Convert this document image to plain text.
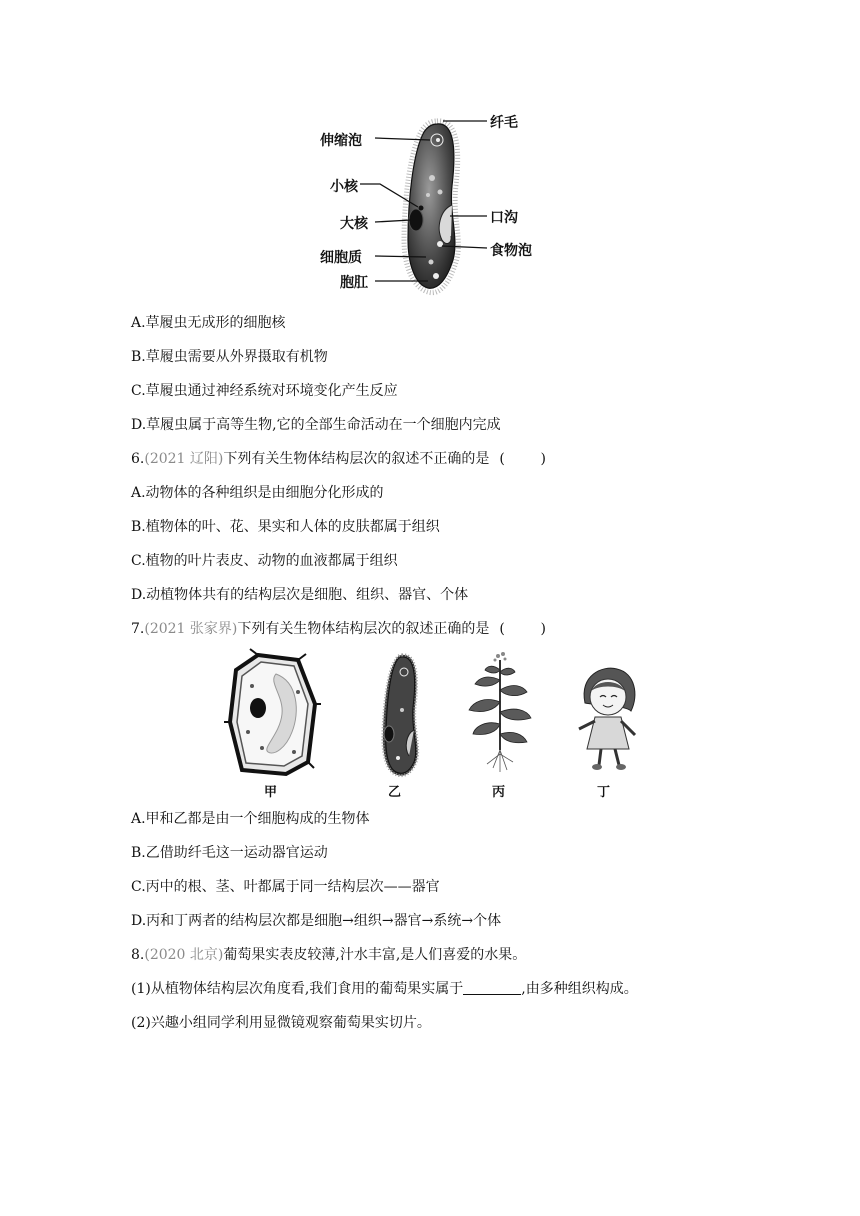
纤毛
伸缩泡
小核
大核	口沟
食物泡
细胞质
胞肛
A.草履虫无成形的细胞核
B.草履虫需要从外界摄取有机物
C.草履虫通过神经系统对环境变化产生反应
D.草履虫属于高等生物,它的全部生命活动在一个细胞内完成
6.(2021 辽阳)下列有关生物体结构层次的叙述不正确的是 (        )
A.动物体的各种组织是由细胞分化形成的
B.植物体的叶、花、果实和人体的皮肤都属于组织
C.植物的叶片表皮、动物的血液都属于组织
D.动植物体共有的结构层次是细胞、组织、器官、个体
7.(2021 张家界)下列有关生物体结构层次的叙述正确的是 (        )
甲	乙	丙	丁
A.甲和乙都是由一个细胞构成的生物体
B.乙借助纤毛这一运动器官运动
C.丙中的根、茎、叶都属于同一结构层次——器官
D.丙和丁两者的结构层次都是细胞→组织→器官→系统→个体
8.(2020 北京)葡萄果实表皮较薄,汁水丰富,是人们喜爱的水果。
(1)从植物体结构层次角度看,我们食用的葡萄果实属于	,由多种组织构成。
(2)兴趣小组同学利用显微镜观察葡萄果实切片。
